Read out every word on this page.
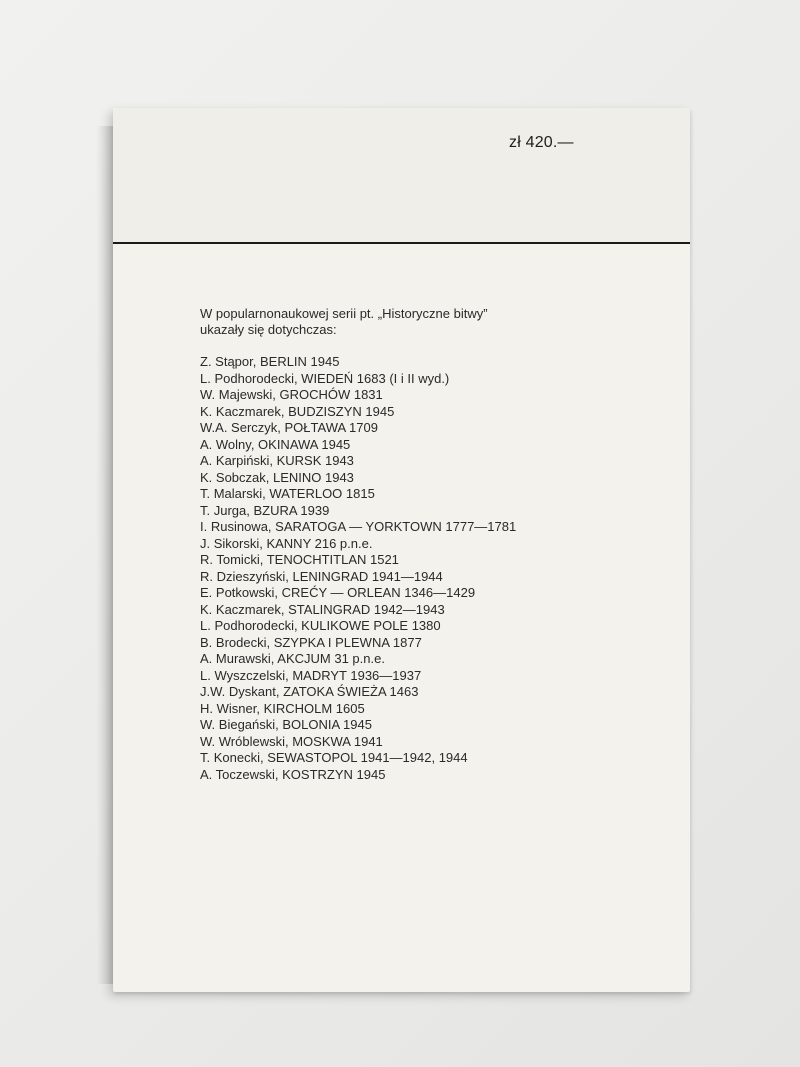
zł 420.—
W popularnonaukowej serii pt. „Historyczne bitwy”
ukazały się dotychczas:
Z. Stąpor, BERLIN 1945
L. Podhorodecki, WIEDEŃ 1683 (I i II wyd.)
W. Majewski, GROCHÓW 1831
K. Kaczmarek, BUDZISZYN 1945
W.A. Serczyk, POŁTAWA 1709
A. Wolny, OKINAWA 1945
A. Karpiński, KURSK 1943
K. Sobczak, LENINO 1943
T. Malarski, WATERLOO 1815
T. Jurga, BZURA 1939
I. Rusinowa, SARATOGA — YORKTOWN 1777—1781
J. Sikorski, KANNY 216 p.n.e.
R. Tomicki, TENOCHTITLAN 1521
R. Dzieszyński, LENINGRAD 1941—1944
E. Potkowski, CREĆY — ORLEAN 1346—1429
K. Kaczmarek, STALINGRAD 1942—1943
L. Podhorodecki, KULIKOWE POLE 1380
B. Brodecki, SZYPKA I PLEWNA 1877
A. Murawski, AKCJUM 31 p.n.e.
L. Wyszczelski, MADRYT 1936—1937
J.W. Dyskant, ZATOKA ŚWIEŻA 1463
H. Wisner, KIRCHOLM 1605
W. Biegański, BOLONIA 1945
W. Wróblewski, MOSKWA 1941
T. Konecki, SEWASTOPOL 1941—1942, 1944
A. Toczewski, KOSTRZYN 1945
